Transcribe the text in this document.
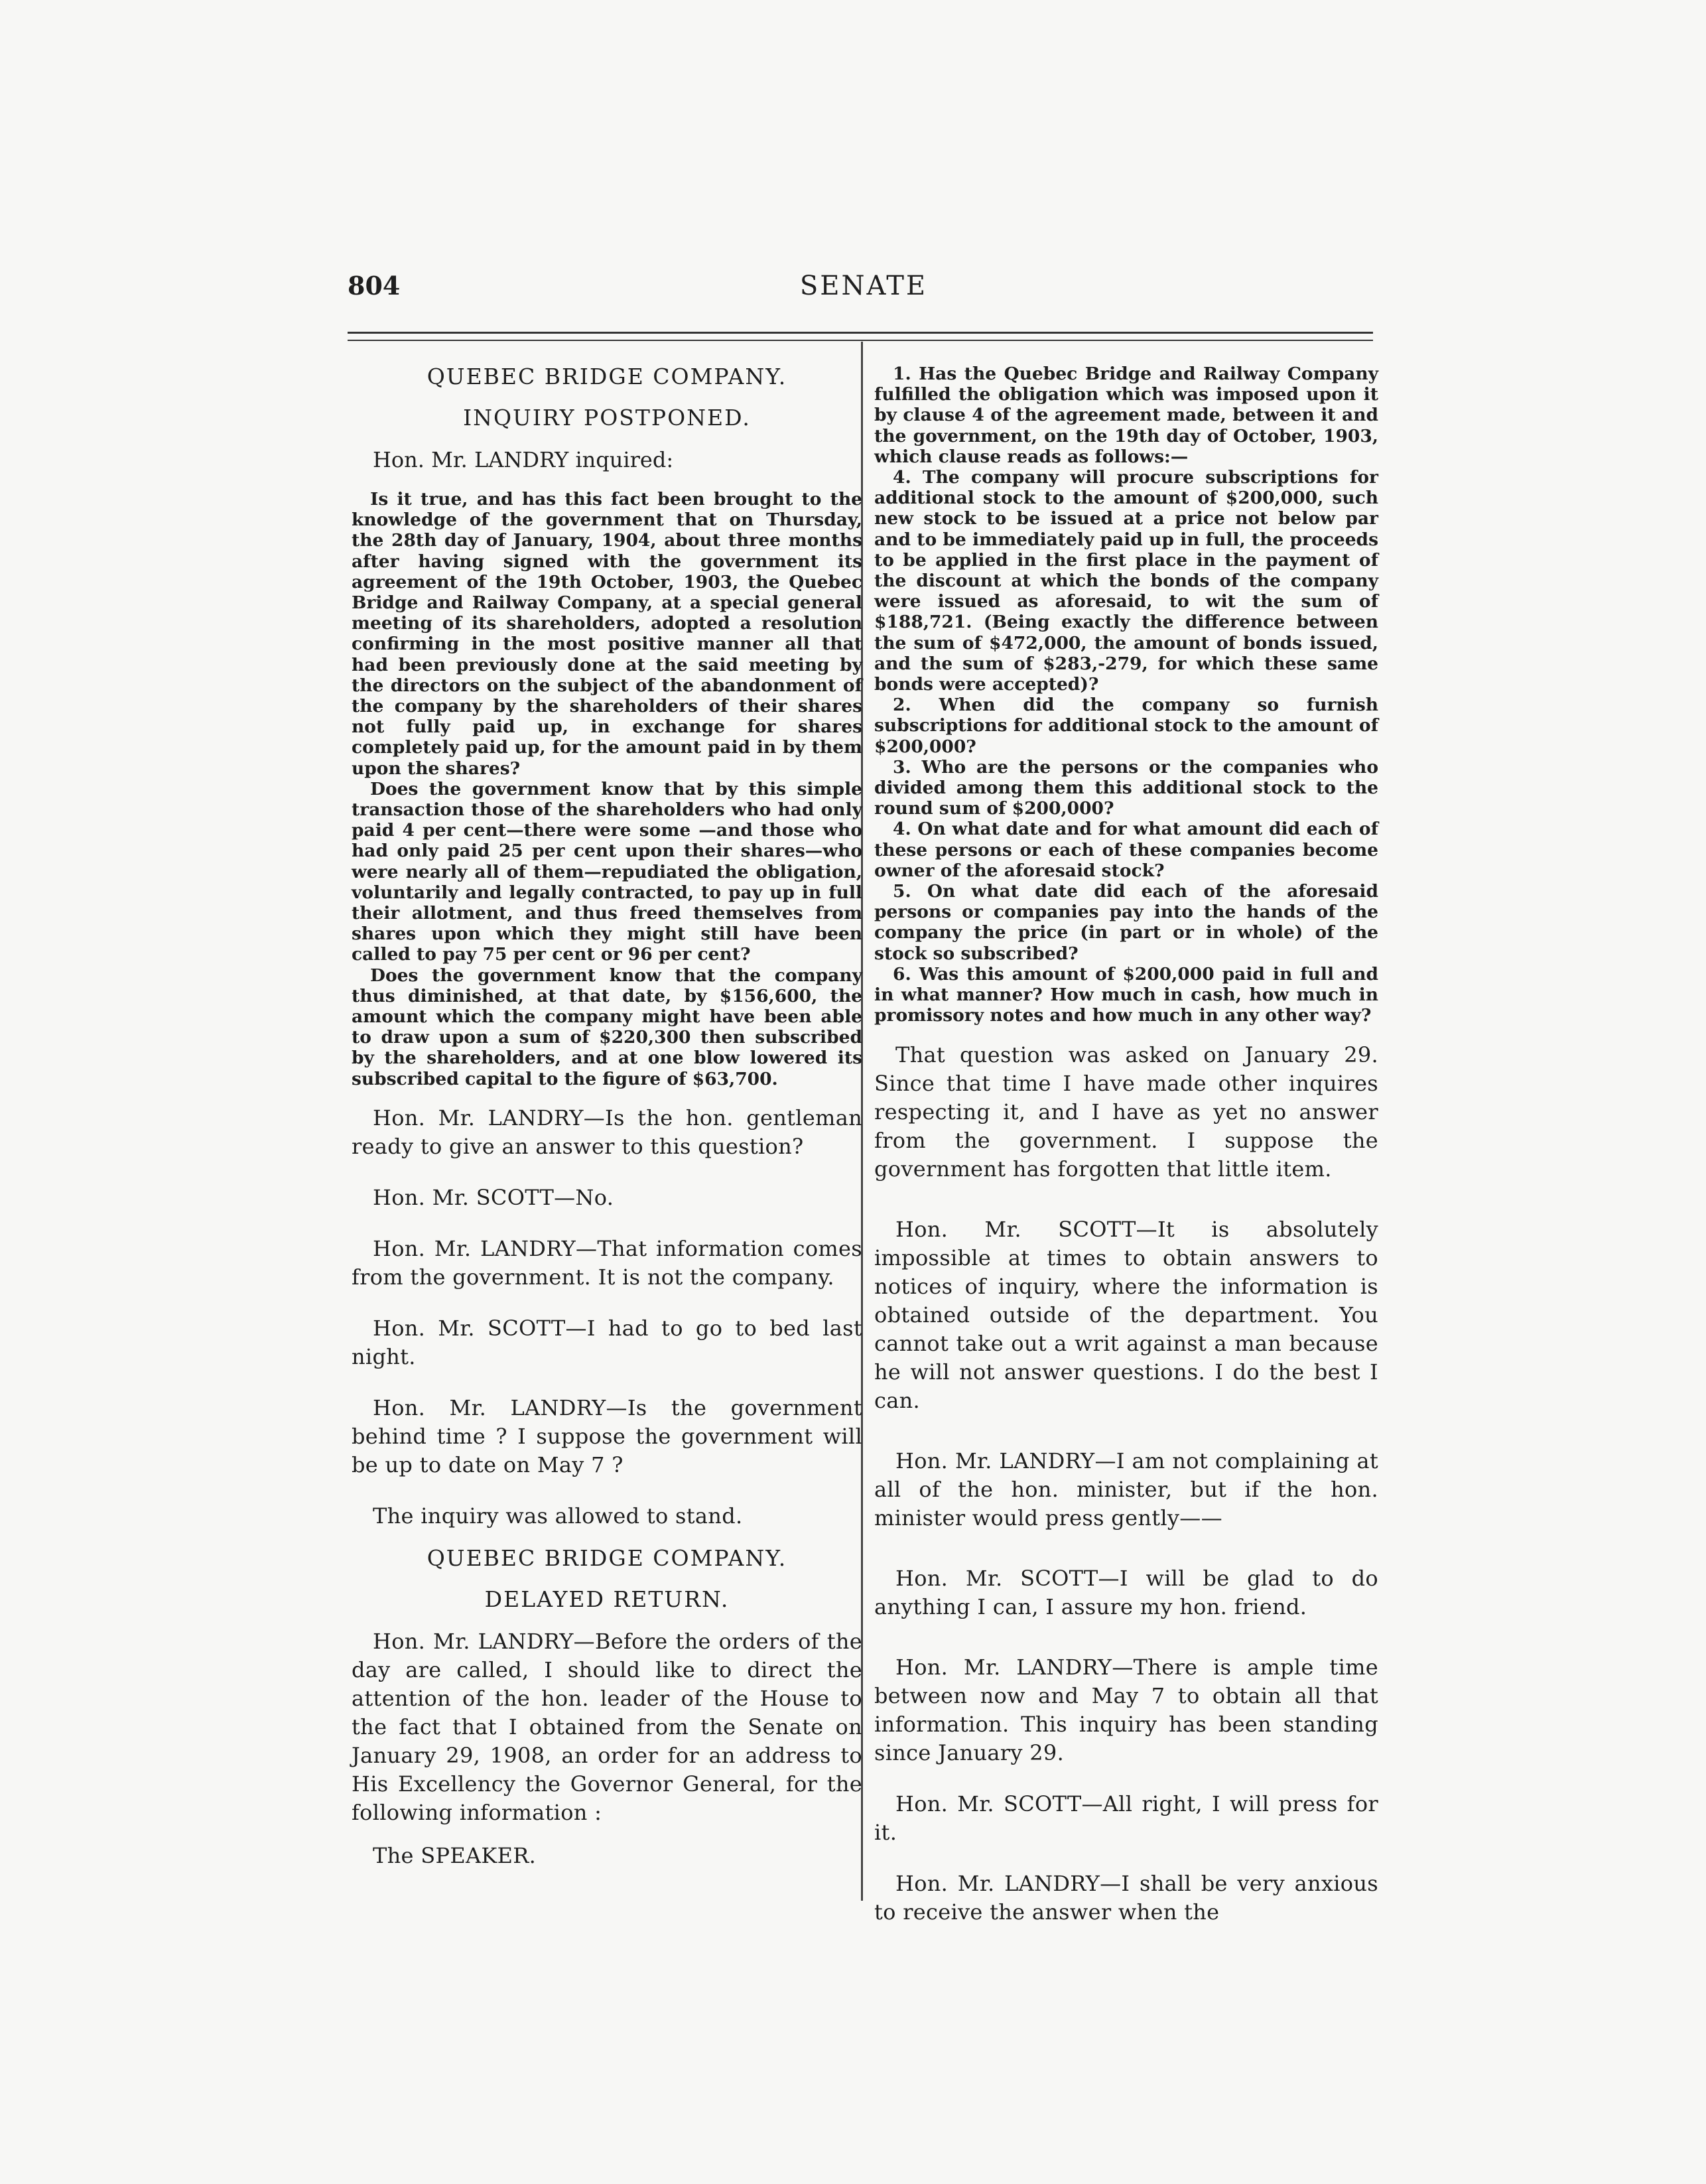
804	SENATE

QUEBEC BRIDGE COMPANY.

INQUIRY POSTPONED.

Hon. Mr. LANDRY inquired:

Is it true, and has this fact been brought to the knowledge of the government that on Thursday, the 28th day of January, 1904, about three months after having signed with the government its agreement of the 19th October, 1903, the Quebec Bridge and Railway Company, at a special general meeting of its shareholders, adopted a resolution confirming in the most positive manner all that had been previously done at the said meeting by the directors on the subject of the abandonment of the company by the shareholders of their shares not fully paid up, in exchange for shares completely paid up, for the amount paid in by them upon the shares?

Does the government know that by this simple transaction those of the shareholders who had only paid 4 per cent—there were some —and those who had only paid 25 per cent upon their shares—who were nearly all of them—repudiated the obligation, voluntarily and legally contracted, to pay up in full their allotment, and thus freed themselves from shares upon which they might still have been called to pay 75 per cent or 96 per cent?

Does the government know that the company thus diminished, at that date, by $156,600, the amount which the company might have been able to draw upon a sum of $220,300 then subscribed by the shareholders, and at one blow lowered its subscribed capital to the figure of $63,700.

Hon. Mr. LANDRY—Is the hon. gentleman ready to give an answer to this question?

Hon. Mr. SCOTT—No.

Hon. Mr. LANDRY—That information comes from the government. It is not the company.

Hon. Mr. SCOTT—I had to go to bed last night.

Hon. Mr. LANDRY—Is the government behind time ? I suppose the government will be up to date on May 7 ?

The inquiry was allowed to stand.

QUEBEC BRIDGE COMPANY.

DELAYED RETURN.

Hon. Mr. LANDRY—Before the orders of the day are called, I should like to direct the attention of the hon. leader of the House to the fact that I obtained from the Senate on January 29, 1908, an order for an address to His Excellency the Governor General, for the following information :

The SPEAKER.

1. Has the Quebec Bridge and Railway Company fulfilled the obligation which was imposed upon it by clause 4 of the agreement made, between it and the government, on the 19th day of October, 1903, which clause reads as follows:—

4. The company will procure subscriptions for additional stock to the amount of $200,000, such new stock to be issued at a price not below par and to be immediately paid up in full, the proceeds to be applied in the first place in the payment of the discount at which the bonds of the company were issued as aforesaid, to wit the sum of $188,721. (Being exactly the difference between the sum of $472,000, the amount of bonds issued, and the sum of $283,-279, for which these same bonds were accepted)?

2. When did the company so furnish subscriptions for additional stock to the amount of $200,000?

3. Who are the persons or the companies who divided among them this additional stock to the round sum of $200,000?

4. On what date and for what amount did each of these persons or each of these companies become owner of the aforesaid stock?

5. On what date did each of the aforesaid persons or companies pay into the hands of the company the price (in part or in whole) of the stock so subscribed?

6. Was this amount of $200,000 paid in full and in what manner? How much in cash, how much in promissory notes and how much in any other way?

That question was asked on January 29. Since that time I have made other inquires respecting it, and I have as yet no answer from the government. I suppose the government has forgotten that little item.

Hon. Mr. SCOTT—It is absolutely impossible at times to obtain answers to notices of inquiry, where the information is obtained outside of the department. You cannot take out a writ against a man because he will not answer questions. I do the best I can.

Hon. Mr. LANDRY—I am not complaining at all of the hon. minister, but if the hon. minister would press gently——

Hon. Mr. SCOTT—I will be glad to do anything I can, I assure my hon. friend.

Hon. Mr. LANDRY—There is ample time between now and May 7 to obtain all that information. This inquiry has been standing since January 29.

Hon. Mr. SCOTT—All right, I will press for it.

Hon. Mr. LANDRY—I shall be very anxious to receive the answer when the
